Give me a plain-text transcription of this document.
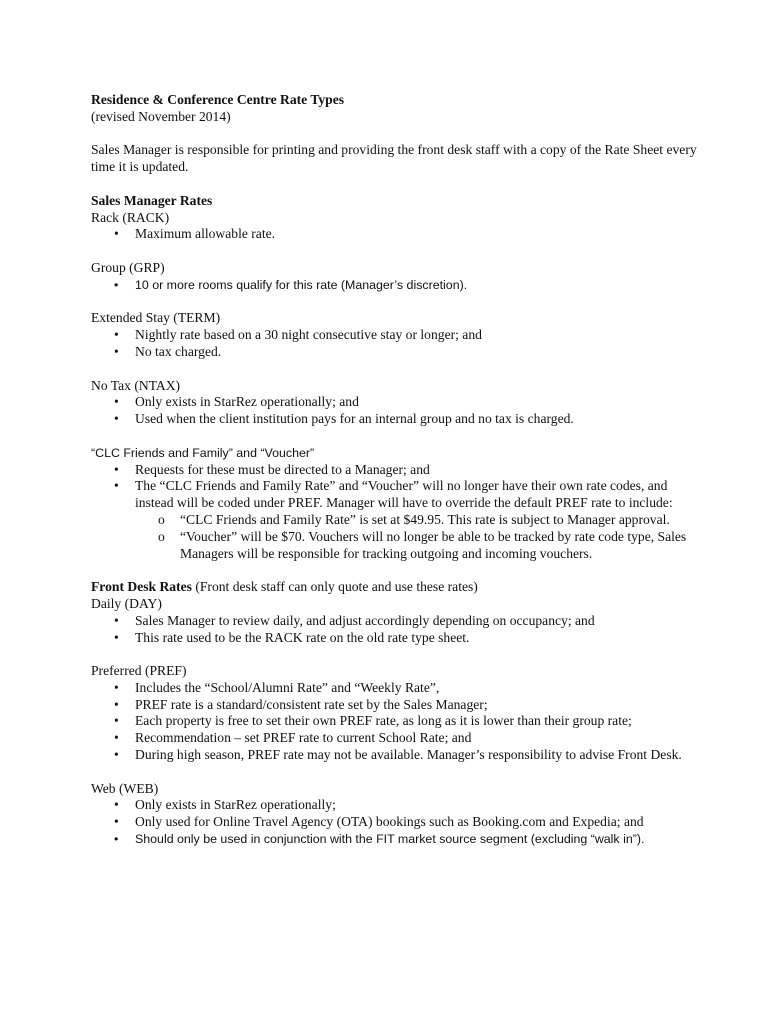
Residence & Conference Centre Rate Types
(revised November 2014)
Sales Manager is responsible for printing and providing the front desk staff with a copy of the Rate Sheet every time it is updated.
Sales Manager Rates
Rack (RACK)
• Maximum allowable rate.
Group (GRP)
• 10 or more rooms qualify for this rate (Manager’s discretion).
Extended Stay (TERM)
• Nightly rate based on a 30 night consecutive stay or longer; and
• No tax charged.
No Tax (NTAX)
• Only exists in StarRez operationally; and
• Used when the client institution pays for an internal group and no tax is charged.
“CLC Friends and Family” and “Voucher”
• Requests for these must be directed to a Manager; and
• The “CLC Friends and Family Rate” and “Voucher” will no longer have their own rate codes, and instead will be coded under PREF. Manager will have to override the default PREF rate to include:
o “CLC Friends and Family Rate” is set at $49.95. This rate is subject to Manager approval.
o “Voucher” will be $70. Vouchers will no longer be able to be tracked by rate code type, Sales Managers will be responsible for tracking outgoing and incoming vouchers.
Front Desk Rates (Front desk staff can only quote and use these rates)
Daily (DAY)
• Sales Manager to review daily, and adjust accordingly depending on occupancy; and
• This rate used to be the RACK rate on the old rate type sheet.
Preferred (PREF)
• Includes the “School/Alumni Rate” and “Weekly Rate”,
• PREF rate is a standard/consistent rate set by the Sales Manager;
• Each property is free to set their own PREF rate, as long as it is lower than their group rate;
• Recommendation – set PREF rate to current School Rate; and
• During high season, PREF rate may not be available. Manager’s responsibility to advise Front Desk.
Web (WEB)
• Only exists in StarRez operationally;
• Only used for Online Travel Agency (OTA) bookings such as Booking.com and Expedia; and
• Should only be used in conjunction with the FIT market source segment (excluding “walk in”).
